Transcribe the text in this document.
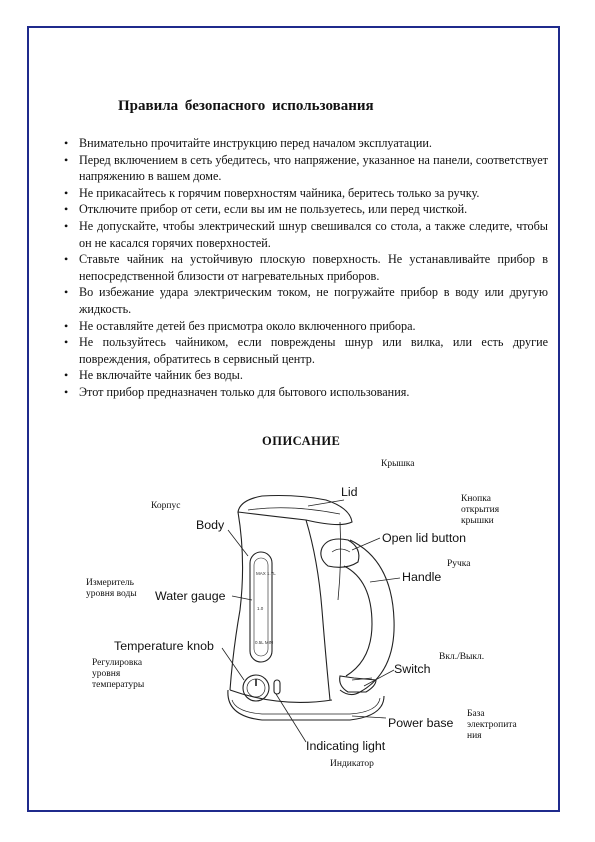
Правила безопасного использования
• Внимательно прочитайте инструкцию перед началом эксплуатации.
• Перед включением в сеть убедитесь, что напряжение, указанное на панели, соответствует напряжению в вашем доме.
• Не прикасайтесь к горячим поверхностям чайника, беритесь только за ручку.
• Отключите прибор от сети, если вы им не пользуетесь, или перед чисткой.
• Не допускайте, чтобы электрический шнур свешивался со стола, а также следите, чтобы он не касался горячих поверхностей.
• Ставьте чайник на устойчивую плоскую поверхность. Не устанавливайте прибор в непосредственной близости от нагревательных приборов.
• Во избежание удара электрическим током, не погружайте прибор в воду или другую жидкость.
• Не оставляйте детей без присмотра около включенного прибора.
• Не пользуйтесь чайником, если повреждены шнур или вилка, или есть другие повреждения, обратитесь в сервисный центр.
• Не включайте чайник без воды.
• Этот прибор предназначен только для бытового использования.
ОПИСАНИЕ
MAX 1.7L
1.0
0.5L MIN
Lid
Body
Open lid button
Handle
Water gauge
Temperature knob
Switch
Power base
Indicating light
Крышка
Корпус
Кнопка
открытия
крышки
Ручка
Измеритель
уровня воды
Регулировка
уровня
температуры
Вкл./Выкл.
База
электропита
ния
Индикатор
